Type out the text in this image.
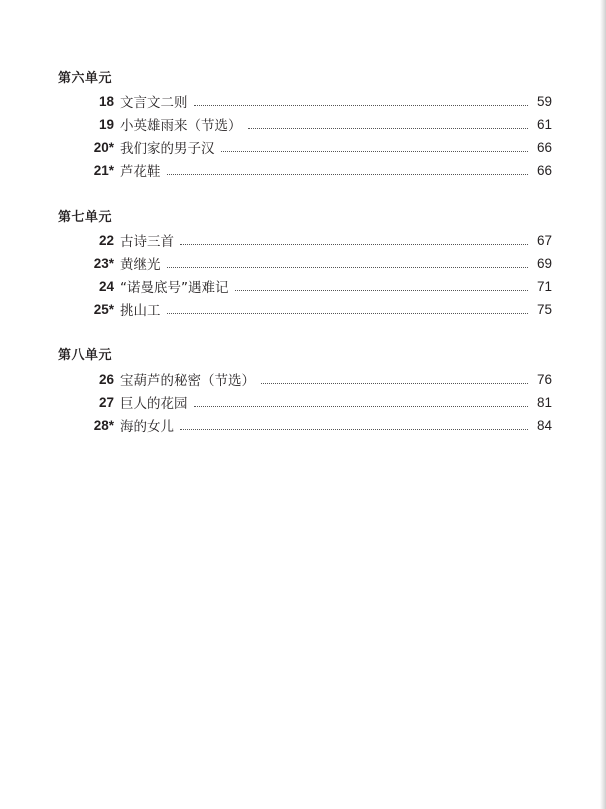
第六单元
18 文言文二则	59
19 小英雄雨来（节选）	61
20* 我们家的男子汉	66
21* 芦花鞋	66
第七单元
22 古诗三首	67
23* 黄继光	69
24 “诺曼底号”遇难记	71
25* 挑山工	75
第八单元
26 宝葫芦的秘密（节选）	76
27 巨人的花园	81
28* 海的女儿	84
